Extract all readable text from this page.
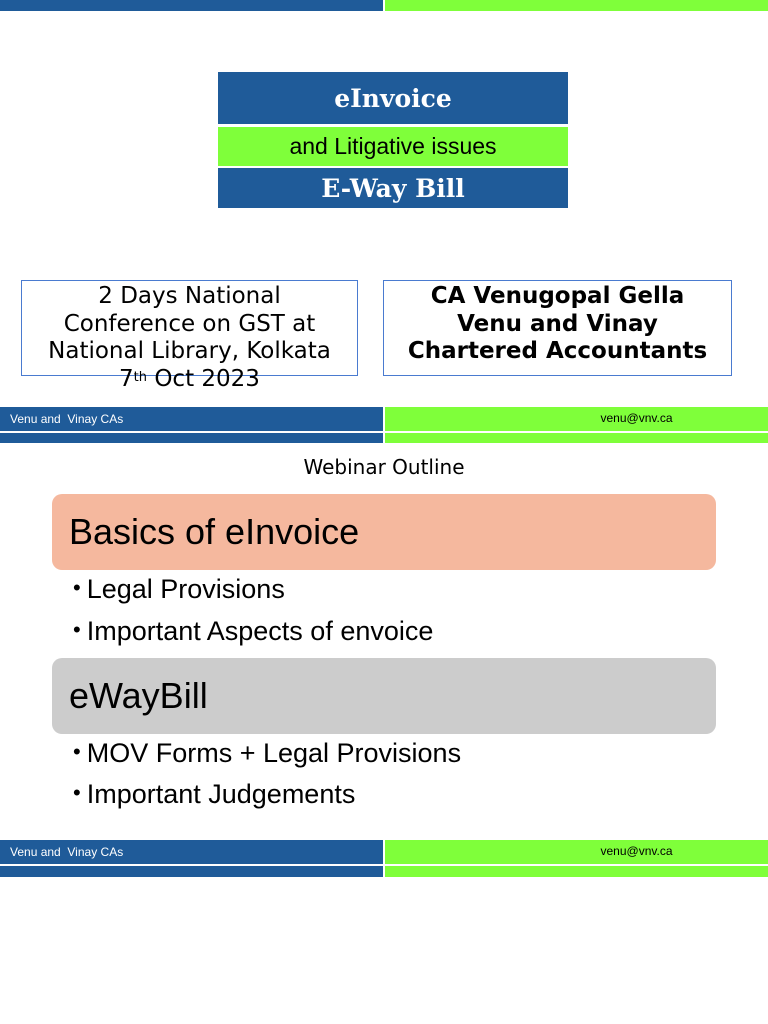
eInvoice
and Litigative issues
E-Way Bill
2 Days National
Conference on GST at
National Library, Kolkata
7th Oct 2023
CA Venugopal Gella
Venu and Vinay
Chartered Accountants
Venu and  Vinay CAs	venu@vnv.ca
Webinar Outline
Basics of eInvoice
• Legal Provisions
• Important Aspects of envoice
eWayBill
• MOV Forms + Legal Provisions
• Important Judgements
Venu and  Vinay CAs	venu@vnv.ca
